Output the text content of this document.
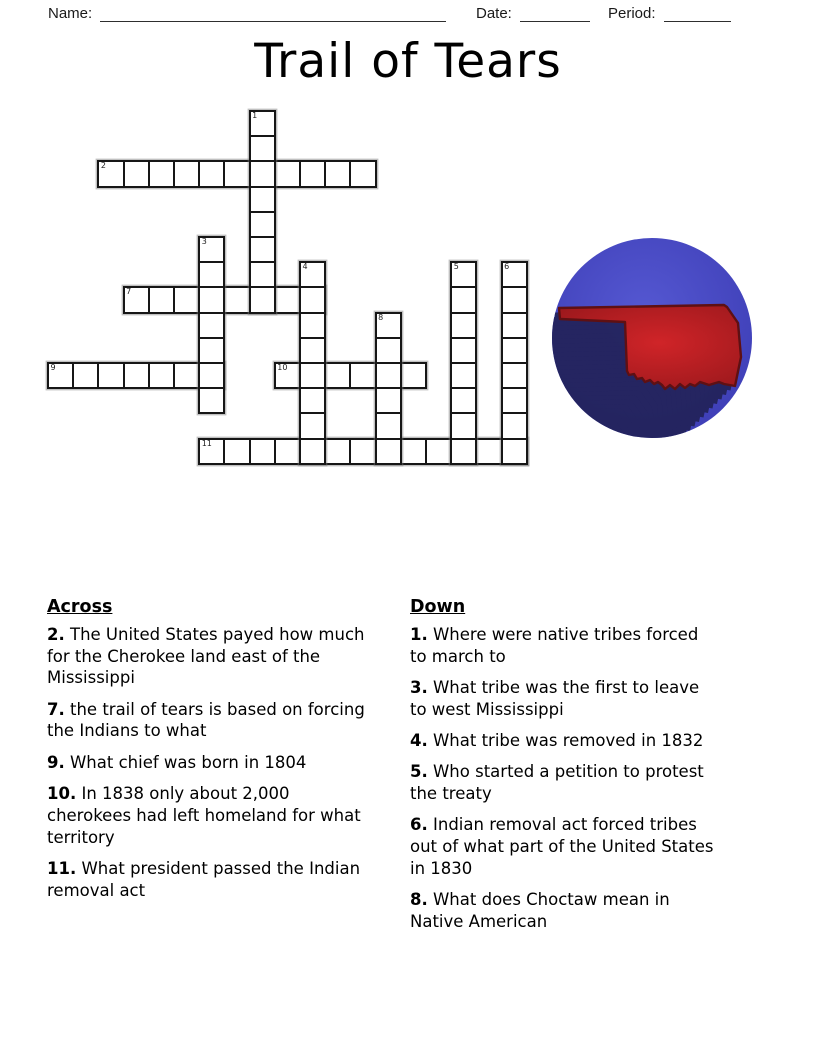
Name:	Date:	Period:
Trail of Tears
2
7
9	10
11
1
3
4	5	6
8

Across

2. The United States payed how much for the Cherokee land east of the Mississippi

7. the trail of tears is based on forcing the Indians to what

9. What chief was born in 1804

10. In 1838 only about 2,000 cherokees had left homeland for what territory

11. What president passed the Indian removal act

Down

1. Where were native tribes forced to march to

3. What tribe was the first to leave to west Mississippi

4. What tribe was removed in 1832

5. Who started a petition to protest the treaty

6. Indian removal act forced tribes out of what part of the United States in 1830

8. What does Choctaw mean in Native American
